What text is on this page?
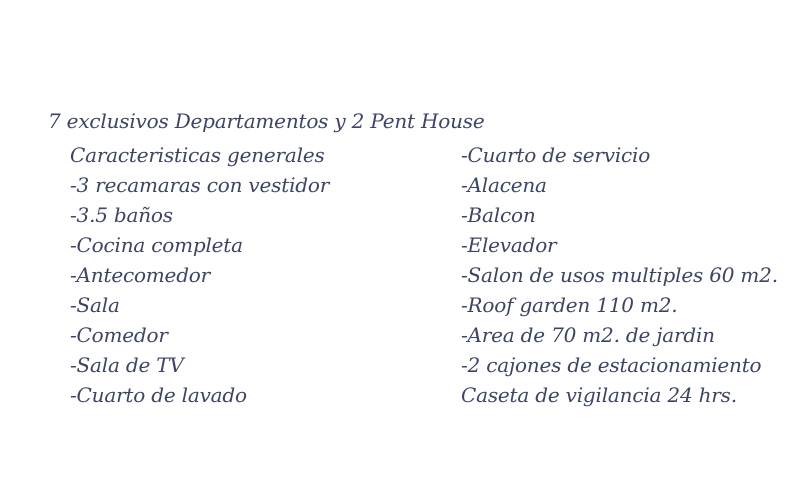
7 exclusivos Departamentos y 2 Pent House
Caracteristicas generales
-3 recamaras con vestidor
-3.5 baños
-Cocina completa
-Antecomedor
-Sala
-Comedor
-Sala de TV
-Cuarto de lavado
-Cuarto de servicio
-Alacena
-Balcon
-Elevador
-Salon de usos multiples 60 m2.
-Roof garden 110 m2.
-Area de 70 m2. de jardin
-2 cajones de estacionamiento
Caseta de vigilancia 24 hrs.
